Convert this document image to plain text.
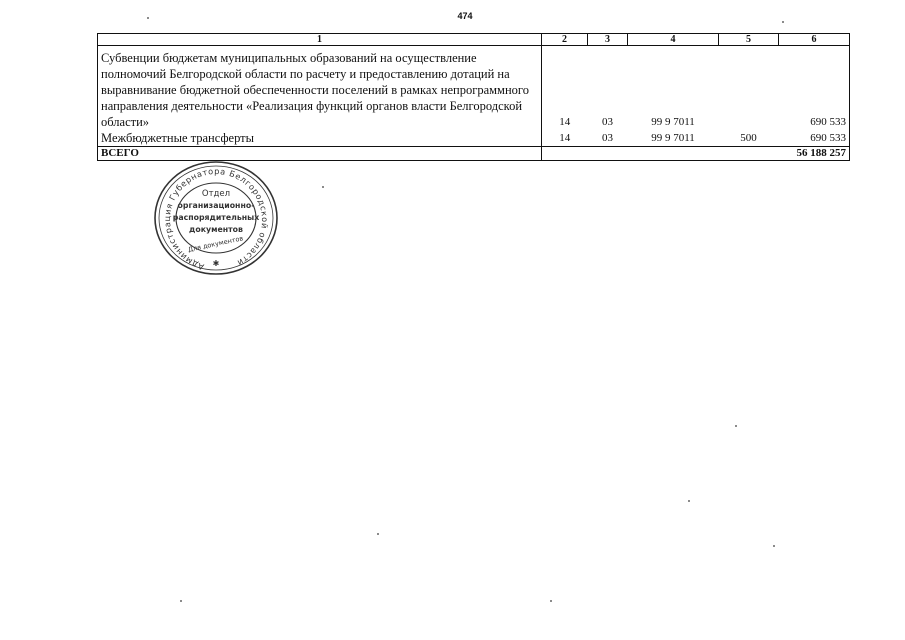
474
1	2	3	4	5	6
Субвенции бюджетам муниципальных образований на осуществление полномочий Белгородской области по расчету и предоставлению дотаций на выравнивание бюджетной обеспеченности поселений в рамках непрограммного направления деятельности «Реализация функций органов власти Белгородской области»	14	03	99 9 7011		690 533
Межбюджетные трансферты	14	03	99 9 7011	500	690 533
ВСЕГО					56 188 257
Администрация Губернатора Белгородской области
Отдел
организационно-
распорядительных
документов
Для документов
✱
